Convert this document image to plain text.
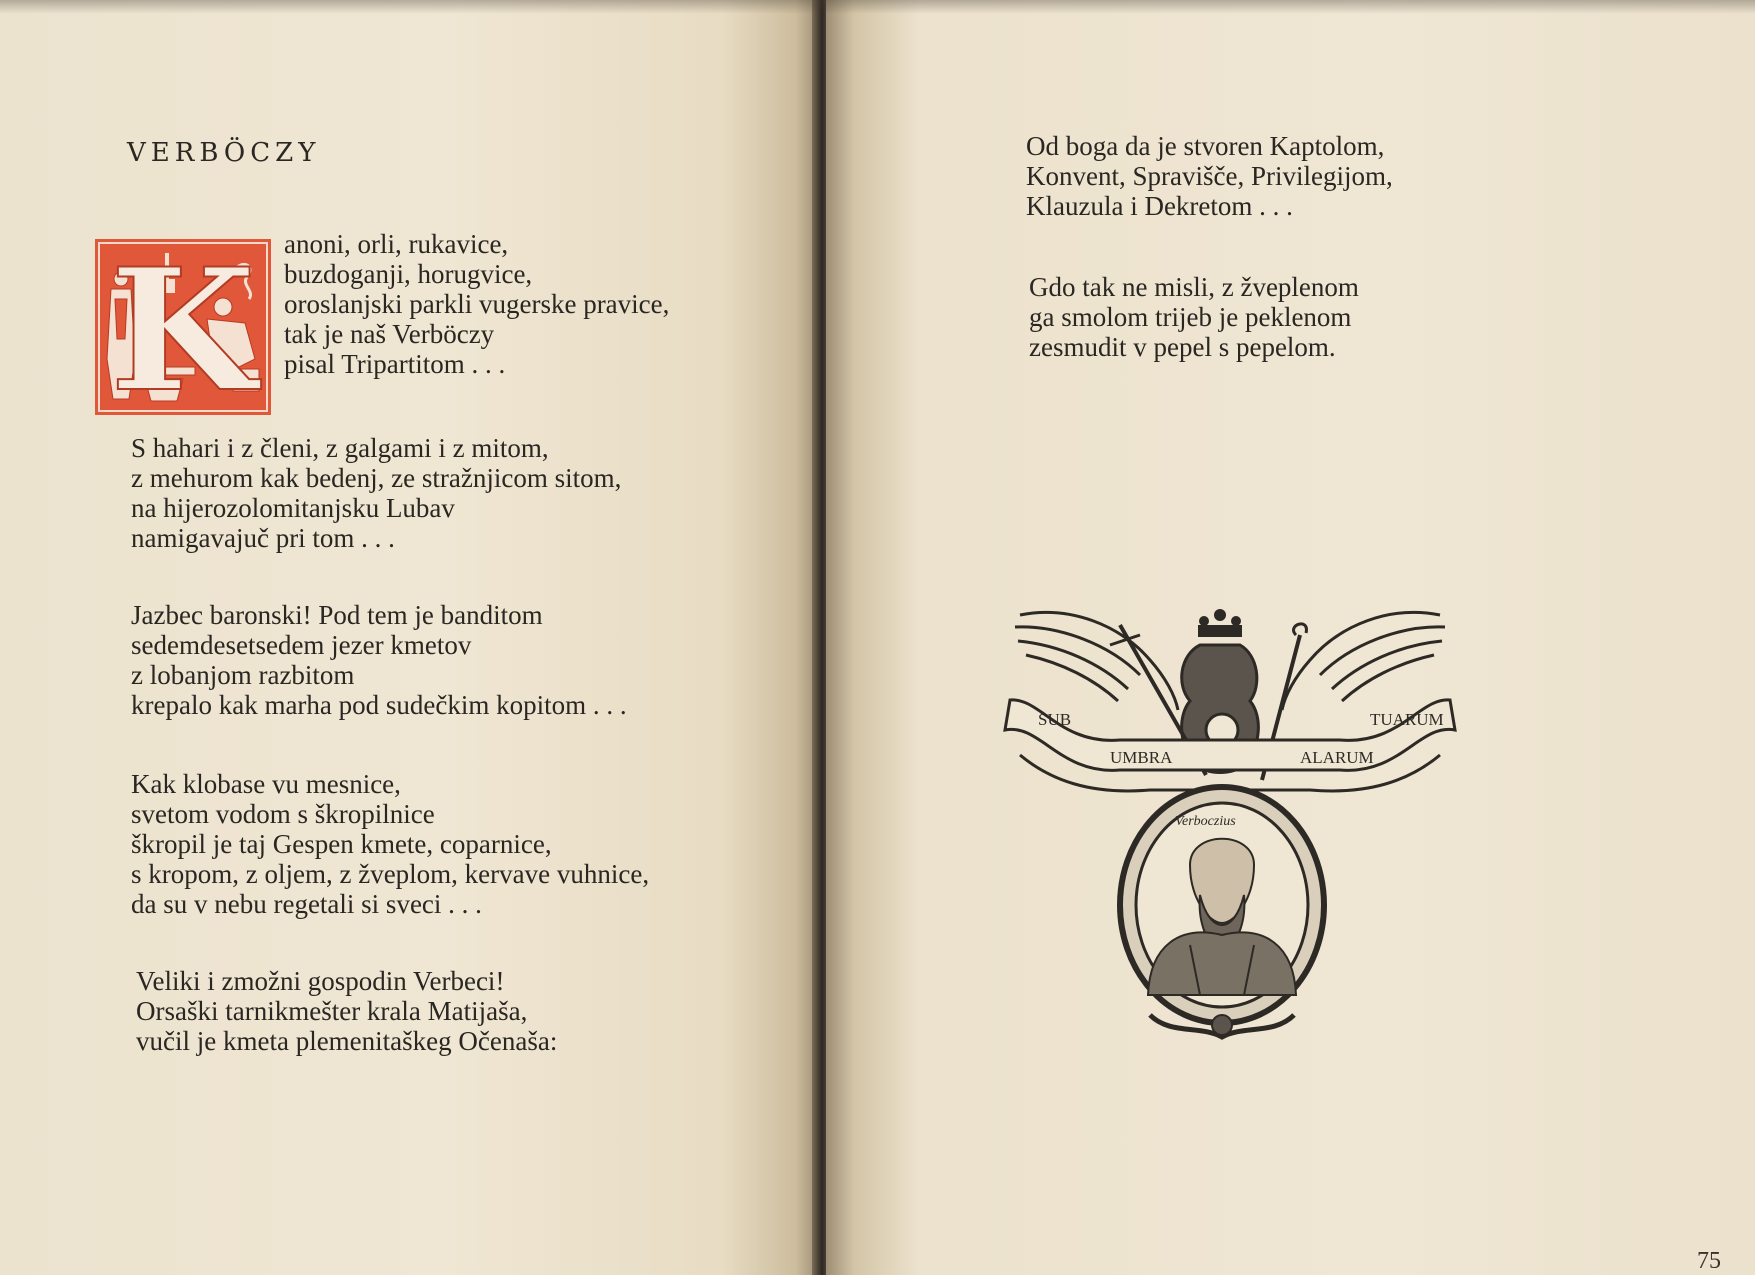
VERBÖCZY
K anoni, orli, rukavice,
buzdoganji, horugvice,
oroslanjski parkli vugerske pravice,
tak je naš Verböczy
pisal Tripartitom . . .

S hahari i z členi, z galgami i z mitom,
z mehurom kak bedenj, ze stražnjicom sitom,
na hijerozolomitanjsku Lubav
namigavajuč pri tom . . .

Jazbec baronski! Pod tem je banditom
sedemdesetsedem jezer kmetov
z lobanjom razbitom
krepalo kak marha pod sudečkim kopitom . . .

Kak klobase vu mesnice,
svetom vodom s škropilnice
škropil je taj Gespen kmete, coparnice,
s kropom, z oljem, z žveplom, kervave vuhnice,
da su v nebu regetali si sveci . . .

Veliki i zmožni gospodin Verbeci!
Orsaški tarnikmešter krala Matijaša,
vučil je kmeta plemenitaškeg Očenaša:

Od boga da je stvoren Kaptolom,
Konvent, Spravišče, Privilegijom,
Klauzula i Dekretom . . .

Gdo tak ne misli, z žveplenom
ga smolom trijeb je peklenom
zesmudit v pepel s pepelom.

SUB
UMBRA	ALARUM
TUARUM
Verboczius
75
